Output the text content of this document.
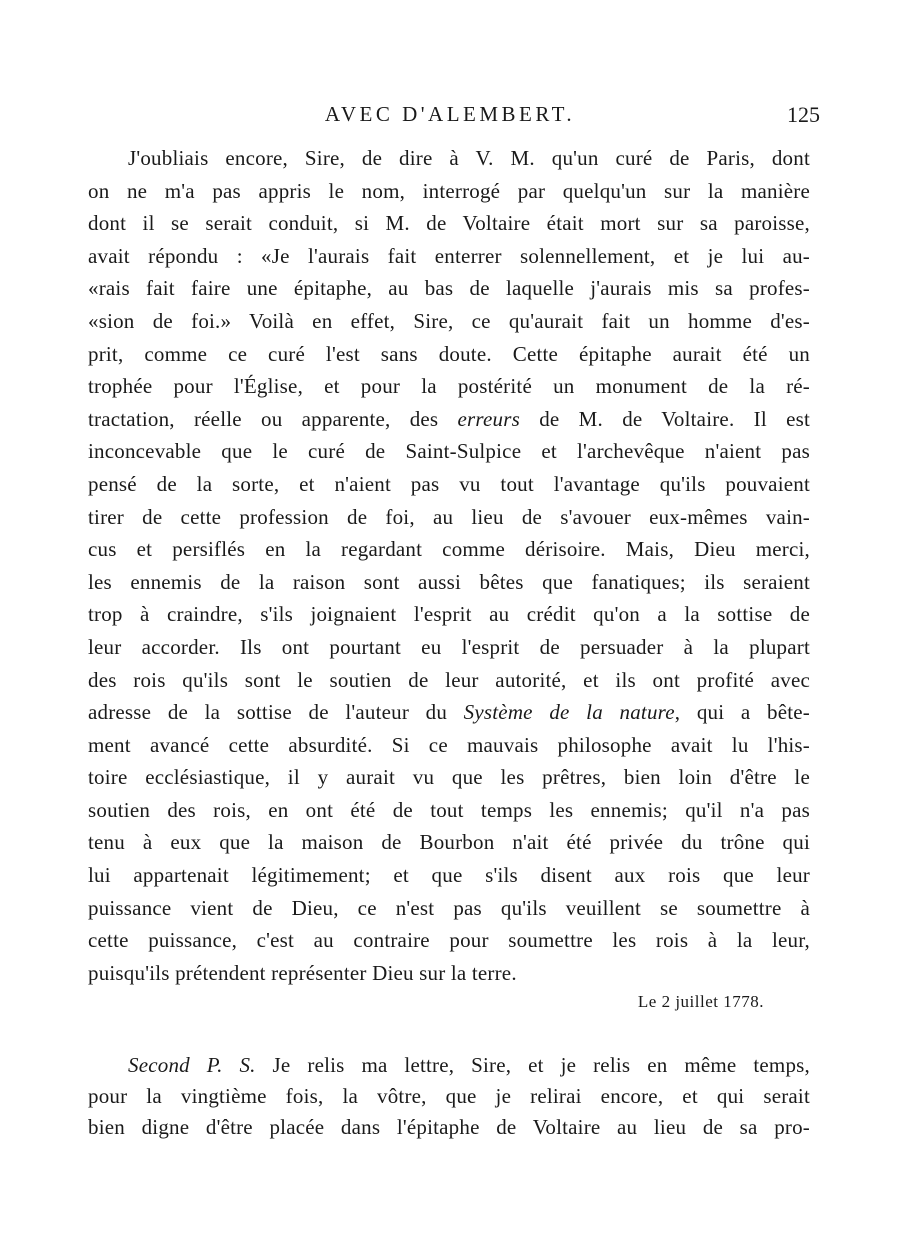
AVEC D'ALEMBERT.	125
J'oubliais encore, Sire, de dire à V. M. qu'un curé de Paris, dont
on ne m'a pas appris le nom, interrogé par quelqu'un sur la manière
dont il se serait conduit, si M. de Voltaire était mort sur sa paroisse,
avait répondu : «Je l'aurais fait enterrer solennellement, et je lui au-
«rais fait faire une épitaphe, au bas de laquelle j'aurais mis sa profes-
«sion de foi.» Voilà en effet, Sire, ce qu'aurait fait un homme d'es-
prit, comme ce curé l'est sans doute. Cette épitaphe aurait été un
trophée pour l'Église, et pour la postérité un monument de la ré-
tractation, réelle ou apparente, des erreurs de M. de Voltaire. Il est
inconcevable que le curé de Saint-Sulpice et l'archevêque n'aient pas
pensé de la sorte, et n'aient pas vu tout l'avantage qu'ils pouvaient
tirer de cette profession de foi, au lieu de s'avouer eux-mêmes vain-
cus et persiflés en la regardant comme dérisoire. Mais, Dieu merci,
les ennemis de la raison sont aussi bêtes que fanatiques; ils seraient
trop à craindre, s'ils joignaient l'esprit au crédit qu'on a la sottise de
leur accorder. Ils ont pourtant eu l'esprit de persuader à la plupart
des rois qu'ils sont le soutien de leur autorité, et ils ont profité avec
adresse de la sottise de l'auteur du Système de la nature, qui a bête-
ment avancé cette absurdité. Si ce mauvais philosophe avait lu l'his-
toire ecclésiastique, il y aurait vu que les prêtres, bien loin d'être le
soutien des rois, en ont été de tout temps les ennemis; qu'il n'a pas
tenu à eux que la maison de Bourbon n'ait été privée du trône qui
lui appartenait légitimement; et que s'ils disent aux rois que leur
puissance vient de Dieu, ce n'est pas qu'ils veuillent se soumettre à
cette puissance, c'est au contraire pour soumettre les rois à la leur,
puisqu'ils prétendent représenter Dieu sur la terre.
Le 2 juillet 1778.
Second P. S. Je relis ma lettre, Sire, et je relis en même temps,
pour la vingtième fois, la vôtre, que je relirai encore, et qui serait
bien digne d'être placée dans l'épitaphe de Voltaire au lieu de sa pro-
